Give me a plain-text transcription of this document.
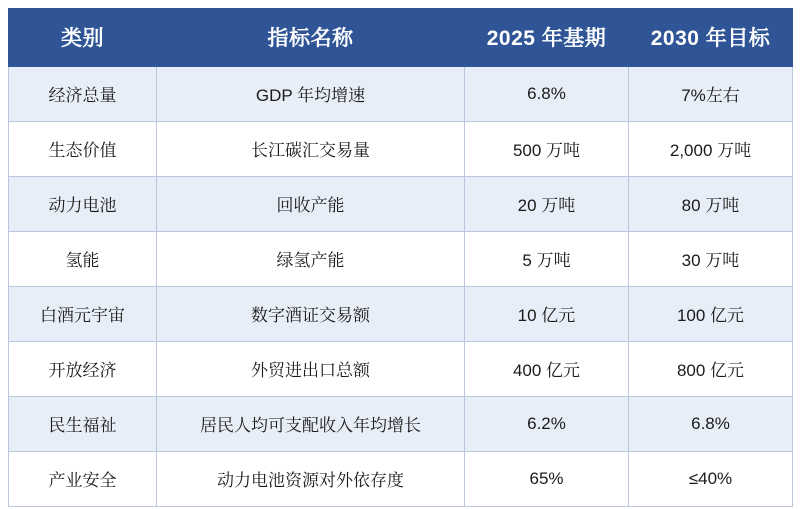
类别	指标名称	2025 年基期	2030 年目标
经济总量	GDP 年均增速	6.8%	7%左右
生态价值	长江碳汇交易量	500 万吨	2,000 万吨
动力电池	回收产能	20 万吨	80 万吨
氢能	绿氢产能	5 万吨	30 万吨
白酒元宇宙	数字酒证交易额	10 亿元	100 亿元
开放经济	外贸进出口总额	400 亿元	800 亿元
民生福祉	居民人均可支配收入年均增长	6.2%	6.8%
产业安全	动力电池资源对外依存度	65%	≤40%
